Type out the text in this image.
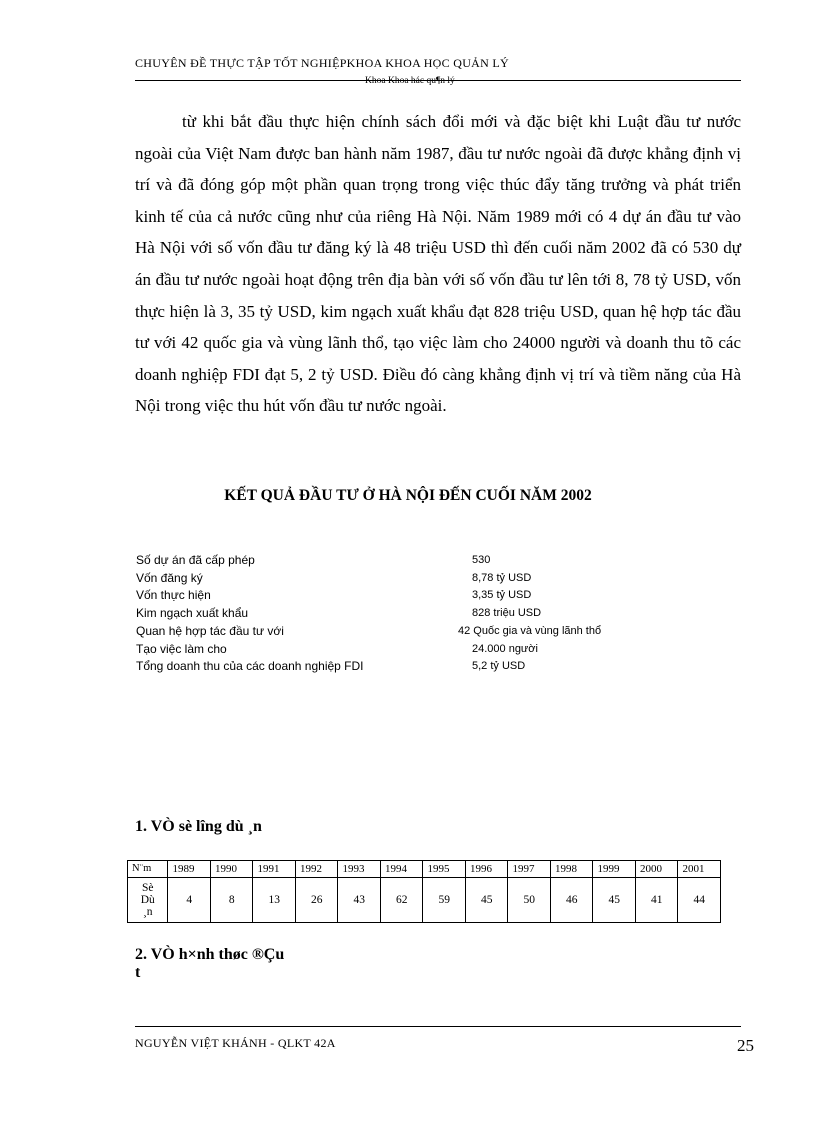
CHUYÊN ĐỀ THỰC TẬP TỐT NGHIỆPKHOA KHOA HỌC QUẢN LÝ
Khoa Khoa hác qu¶n lý

từ khi bắt đầu thực hiện chính sách đổi mới và đặc biệt khi Luật đầu tư nước ngoài của Việt Nam được ban hành năm 1987, đầu tư nước ngoài đã được khẳng định vị trí và đã đóng góp một phần quan trọng trong việc thúc đẩy tăng trưởng và phát triển kinh tế của cả nước cũng như của riêng Hà Nội. Năm 1989 mới có 4 dự án đầu tư vào Hà Nội với số vốn đầu tư đăng ký là 48 triệu USD thì đến cuối năm 2002 đã có 530 dự án đầu tư nước ngoài hoạt động trên địa bàn với số vốn đầu tư lên tới 8, 78 tỷ USD, vốn thực hiện là 3, 35 tỷ USD, kim ngạch xuất khẩu đạt 828 triệu USD, quan hệ hợp tác đầu tư với 42 quốc gia và vùng lãnh thổ, tạo việc làm cho 24000 người và doanh thu tõ các doanh nghiệp FDI đạt 5, 2 tỷ USD. Điều đó càng khẳng định vị trí và tiềm năng của Hà Nội trong việc thu hút vốn đầu tư nước ngoài.

KẾT QUẢ ĐẦU TƯ Ở HÀ NỘI ĐẾN CUỐI NĂM 2002
Số dự án đã cấp phép	530
Vốn đăng ký	8,78 tỷ USD
Vốn thực hiện	3,35 tỷ USD
Kim ngạch xuất khẩu	828 triệu USD
Quan hệ hợp tác đầu tư với	42 Quốc gia và vùng lãnh thổ
Tạo việc làm cho	24.000 người
Tổng doanh thu của các doanh nghiệp FDI	5,2 tỷ USD
1. VÒ sè lîng dù ¸n
N¨m	1989	1990	1991	1992	1993	1994	1995	1996	1997	1998	1999	2000	2001

Sè
Dù
¸n	4	8	13	26	43	62	59	45	50	46	45	41	44
2. VÒ h×nh thøc ®Çu t
NGUYỄN VIỆT KHÁNH - QLKT 42A	25
